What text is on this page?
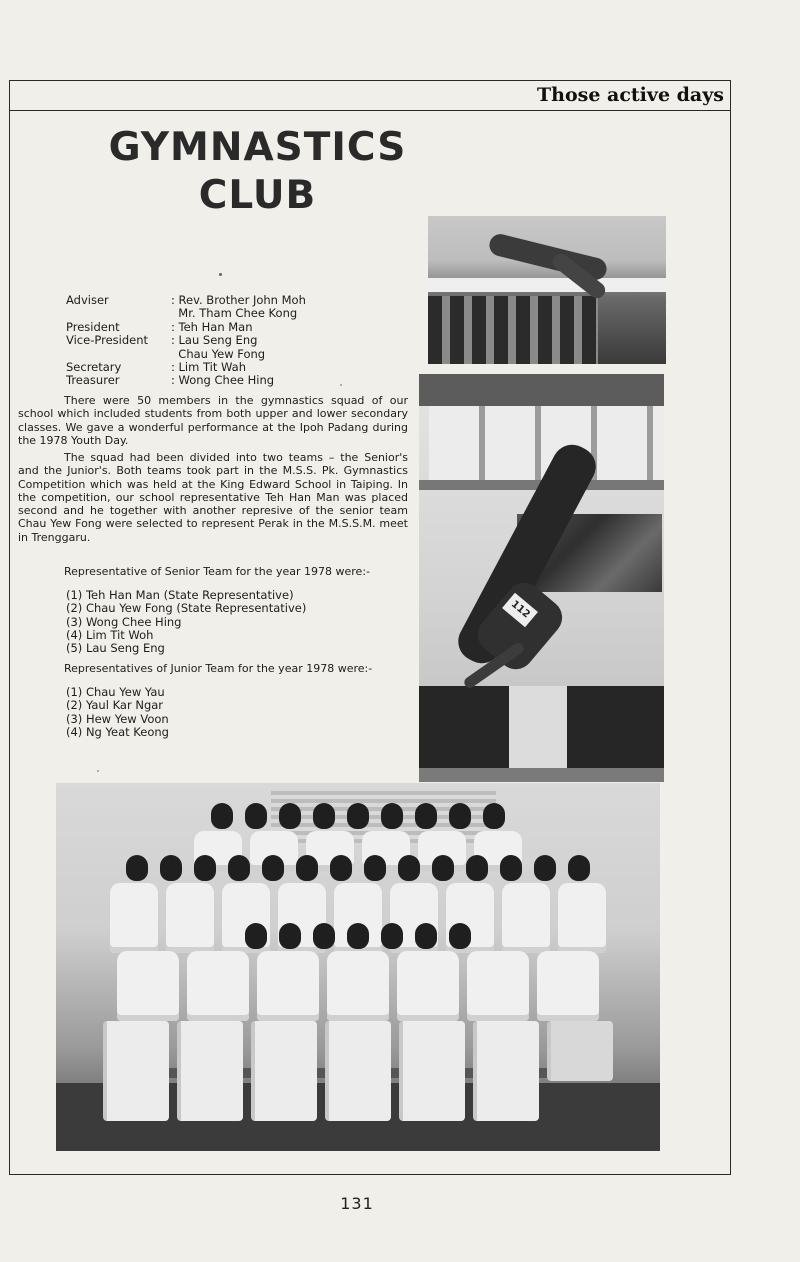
Those active days
GYMNASTICS
CLUB
Adviser	: Rev. Brother John Moh
Mr. Tham Chee Kong
President	: Teh Han Man
Vice-President	: Lau Seng Eng
Chau Yew Fong
Secretary	: Lim Tit Wah
Treasurer	: Wong Chee Hing

There were 50 members in the gymnastics squad of our school which included students from both upper and lower secondary classes. We gave a wonderful performance at the Ipoh Padang during the 1978 Youth Day.

The squad had been divided into two teams – the Senior's and the Junior's. Both teams took part in the M.S.S. Pk. Gymnastics Competition which was held at the King Edward School in Taiping. In the competition, our school representative Teh Han Man was placed second and he together with another represive of the senior team Chau Yew Fong were selected to represent Perak in the M.S.S.M. meet in Trenggaru.

Representative of Senior Team for the year 1978 were:-

(1) Teh Han Man (State Representative)
(2) Chau Yew Fong (State Representative)
(3) Wong Chee Hing
(4) Lim Tit Woh
(5) Lau Seng Eng

Representatives of Junior Team for the year 1978 were:-

(1) Chau Yew Yau
(2) Yaul Kar Ngar
(3) Hew Yew Voon
(4) Ng Yeat Keong
112
131
